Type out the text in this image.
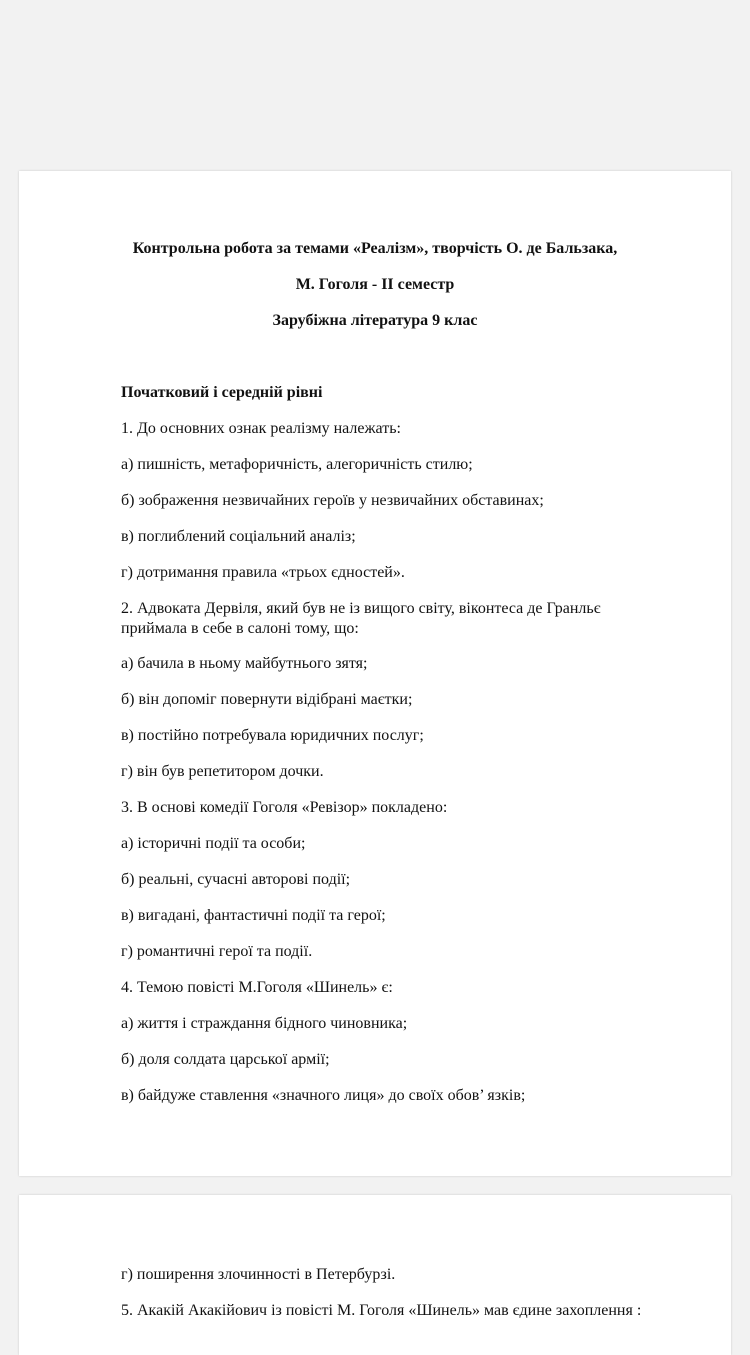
Контрольна робота за темами «Реалізм», творчість О. де Бальзака,
М. Гоголя - ІІ семестр
Зарубіжна література 9 клас
Початковий і середній рівні
1. До основних ознак реалізму належать:
а) пишність, метафоричність, алегоричність стилю;
б) зображення незвичайних героїв у незвичайних обставинах;
в) поглиблений соціальний аналіз;
г) дотримання правила «трьох єдностей».
2. Адвоката Дервіля, який був не із вищого світу, віконтеса де Гранльє
приймала в себе в салоні тому, що:
а) бачила в ньому майбутнього зятя;
б) він допоміг повернути відібрані маєтки;
в) постійно потребувала юридичних послуг;
г) він був репетитором дочки.
3. В основі комедії Гоголя «Ревізор» покладено:
а) історичні події та особи;
б) реальні, сучасні авторові події;
в) вигадані, фантастичні події та герої;
г) романтичні герої та події.
4. Темою повісті М.Гоголя «Шинель» є:
а) життя і страждання бідного чиновника;
б) доля солдата царської армії;
в) байдуже ставлення «значного лиця» до своїх обов’ язків;
г) поширення злочинності в Петербурзі.
5. Акакій Акакійович із повісті М. Гоголя «Шинель» мав єдине захоплення :
